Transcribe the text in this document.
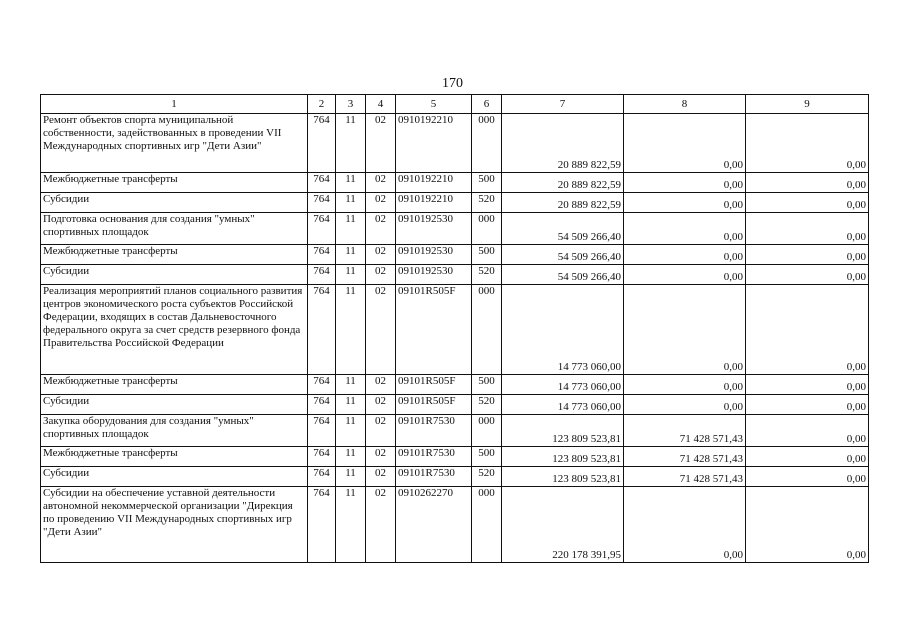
170
1	2	3	4	5	6	7	8	9
Ремонт объектов спорта муниципальной собственности, задействованных в проведении VII Международных спортивных игр "Дети Азии"	764	11	02	0910192210	000	20 889 822,59	0,00	0,00
Межбюджетные трансферты	764	11	02	0910192210	500	20 889 822,59	0,00	0,00
Субсидии	764	11	02	0910192210	520	20 889 822,59	0,00	0,00
Подготовка основания для создания "умных" спортивных площадок	764	11	02	0910192530	000	54 509 266,40	0,00	0,00
Межбюджетные трансферты	764	11	02	0910192530	500	54 509 266,40	0,00	0,00
Субсидии	764	11	02	0910192530	520	54 509 266,40	0,00	0,00
Реализация мероприятий планов социального развития центров экономического роста субъектов Российской Федерации, входящих в состав Дальневосточного федерального округа за счет средств резервного фонда Правительства Российской Федерации	764	11	02	09101R505F	000	14 773 060,00	0,00	0,00
Межбюджетные трансферты	764	11	02	09101R505F	500	14 773 060,00	0,00	0,00
Субсидии	764	11	02	09101R505F	520	14 773 060,00	0,00	0,00
Закупка оборудования для создания "умных" спортивных площадок	764	11	02	09101R7530	000	123 809 523,81	71 428 571,43	0,00
Межбюджетные трансферты	764	11	02	09101R7530	500	123 809 523,81	71 428 571,43	0,00
Субсидии	764	11	02	09101R7530	520	123 809 523,81	71 428 571,43	0,00
Субсидии на обеспечение уставной деятельности автономной некоммерческой организации "Дирекция по проведению VII Международных спортивных игр "Дети Азии"	764	11	02	0910262270	000	220 178 391,95	0,00	0,00
